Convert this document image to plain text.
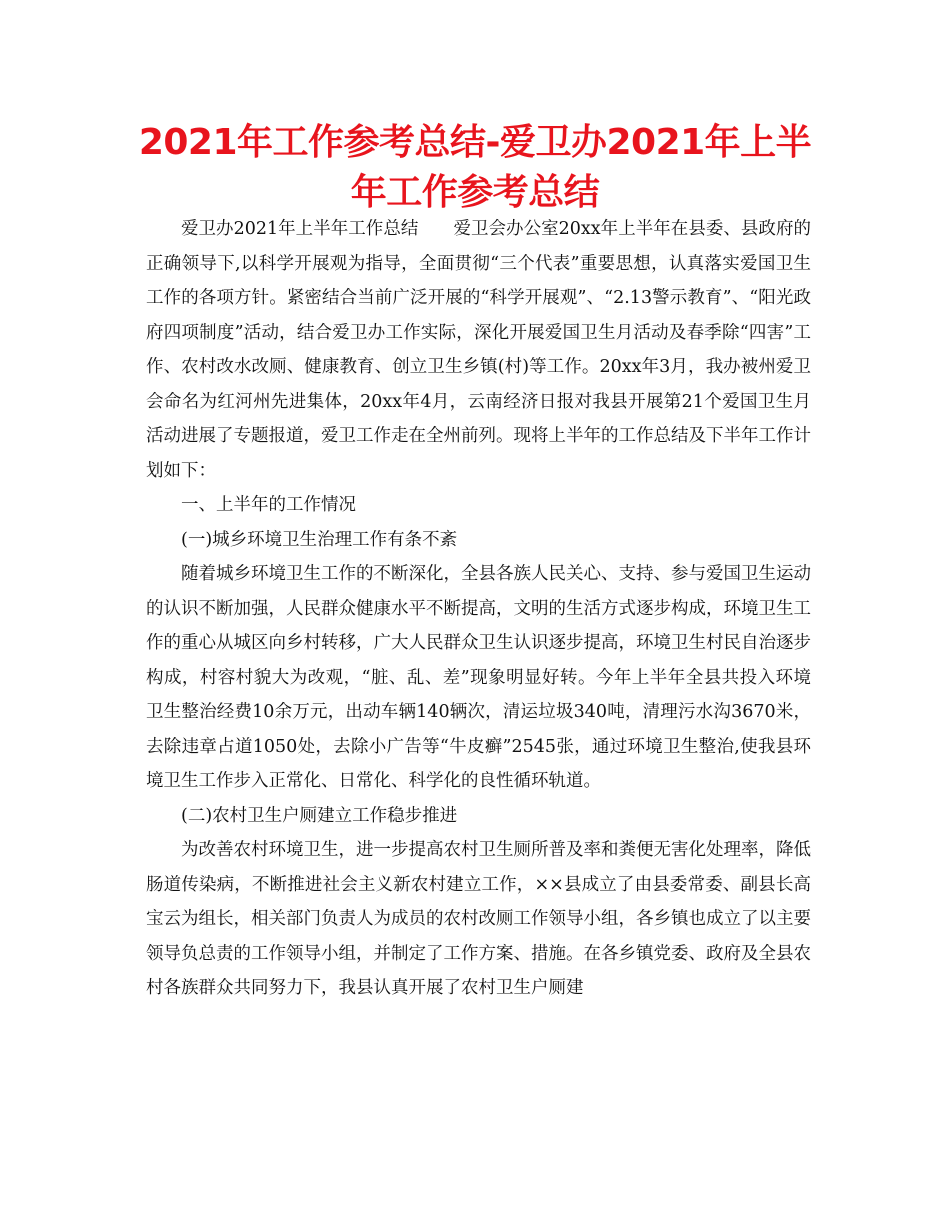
2021年工作参考总结-爱卫办2021年上半年工作参考总结

爱卫办2021年上半年工作总结　　爱卫会办公室20xx年上半年在县委、县政府的正确领导下,以科学开展观为指导，全面贯彻“三个代表”重要思想，认真落实爱国卫生工作的各项方针。紧密结合当前广泛开展的“科学开展观”、“2.13警示教育”、“阳光政府四项制度”活动，结合爱卫办工作实际，深化开展爱国卫生月活动及春季除“四害”工作、农村改水改厕、健康教育、创立卫生乡镇(村)等工作。20xx年3月，我办被州爱卫会命名为红河州先进集体，20xx年4月，云南经济日报对我县开展第21个爱国卫生月活动进展了专题报道，爱卫工作走在全州前列。现将上半年的工作总结及下半年工作计划如下：

一、上半年的工作情况

(一)城乡环境卫生治理工作有条不紊

随着城乡环境卫生工作的不断深化，全县各族人民关心、支持、参与爱国卫生运动的认识不断加强，人民群众健康水平不断提高，文明的生活方式逐步构成，环境卫生工作的重心从城区向乡村转移，广大人民群众卫生认识逐步提高，环境卫生村民自治逐步构成，村容村貌大为改观，“脏、乱、差”现象明显好转。今年上半年全县共投入环境卫生整治经费10余万元，出动车辆140辆次，清运垃圾340吨，清理污水沟3670米，去除违章占道1050处，去除小广告等“牛皮癣”2545张，通过环境卫生整治,使我县环境卫生工作步入正常化、日常化、科学化的良性循环轨道。

(二)农村卫生户厕建立工作稳步推进

为改善农村环境卫生，进一步提高农村卫生厕所普及率和粪便无害化处理率，降低肠道传染病，不断推进社会主义新农村建立工作，××县成立了由县委常委、副县长高宝云为组长，相关部门负责人为成员的农村改厕工作领导小组，各乡镇也成立了以主要领导负总责的工作领导小组，并制定了工作方案、措施。在各乡镇党委、政府及全县农村各族群众共同努力下，我县认真开展了农村卫生户厕建
